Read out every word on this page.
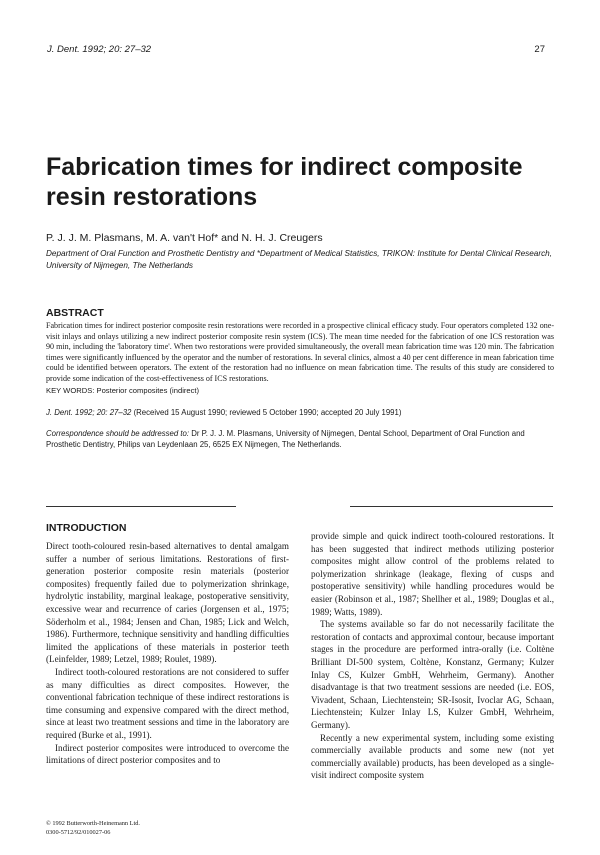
J. Dent. 1992; 20: 27–32	27
Fabrication times for indirect composite resin restorations
P. J. J. M. Plasmans, M. A. van't Hof* and N. H. J. Creugers
Department of Oral Function and Prosthetic Dentistry and *Department of Medical Statistics, TRIKON: Institute for Dental Clinical Research, University of Nijmegen, The Netherlands
ABSTRACT
Fabrication times for indirect posterior composite resin restorations were recorded in a prospective clinical efficacy study. Four operators completed 132 one-visit inlays and onlays utilizing a new indirect posterior composite resin system (ICS). The mean time needed for the fabrication of one ICS restoration was 90 min, including the 'laboratory time'. When two restorations were provided simultaneously, the overall mean fabrication time was 120 min. The fabrication times were significantly influenced by the operator and the number of restorations. In several clinics, almost a 40 per cent difference in mean fabrication time could be identified between operators. The extent of the restoration had no influence on mean fabrication time. The results of this study are considered to provide some indication of the cost-effectiveness of ICS restorations.
KEY WORDS: Posterior composites (indirect)
J. Dent. 1992; 20: 27–32 (Received 15 August 1990; reviewed 5 October 1990; accepted 20 July 1991)
Correspondence should be addressed to: Dr P. J. J. M. Plasmans, University of Nijmegen, Dental School, Department of Oral Function and Prosthetic Dentistry, Philips van Leydenlaan 25, 6525 EX Nijmegen, The Netherlands.
INTRODUCTION

Direct tooth-coloured resin-based alternatives to dental amalgam suffer a number of serious limitations. Restorations of first-generation posterior composite resin materials (posterior composites) frequently failed due to polymerization shrinkage, hydrolytic instability, marginal leakage, postoperative sensitivity, excessive wear and recurrence of caries (Jorgensen et al., 1975; Söderholm et al., 1984; Jensen and Chan, 1985; Lick and Welch, 1986). Furthermore, technique sensitivity and handling difficulties limited the applications of these materials in posterior teeth (Leinfelder, 1989; Letzel, 1989; Roulet, 1989).

Indirect tooth-coloured restorations are not considered to suffer as many difficulties as direct composites. However, the conventional fabrication technique of these indirect restorations is time consuming and expensive compared with the direct method, since at least two treatment sessions and time in the laboratory are required (Burke et al., 1991).

Indirect posterior composites were introduced to overcome the limitations of direct posterior composites and to

provide simple and quick indirect tooth-coloured restorations. It has been suggested that indirect methods utilizing posterior composites might allow control of the problems related to polymerization shrinkage (leakage, flexing of cusps and postoperative sensitivity) while handling procedures would be easier (Robinson et al., 1987; Shellher et al., 1989; Douglas et al., 1989; Watts, 1989).

The systems available so far do not necessarily facilitate the restoration of contacts and approximal contour, because important stages in the procedure are performed intra-orally (i.e. Coltène Brilliant DI-500 system, Coltène, Konstanz, Germany; Kulzer Inlay CS, Kulzer GmbH, Wehrheim, Germany). Another disadvantage is that two treatment sessions are needed (i.e. EOS, Vivadent, Schaan, Liechtenstein; SR-Isosit, Ivoclar AG, Schaan, Liechtenstein; Kulzer Inlay LS, Kulzer GmbH, Wehrheim, Germany).

Recently a new experimental system, including some existing commercially available products and some new (not yet commercially available) products, has been developed as a single-visit indirect composite system

© 1992 Butterworth-Heinemann Ltd.
0300-5712/92/010027-06
